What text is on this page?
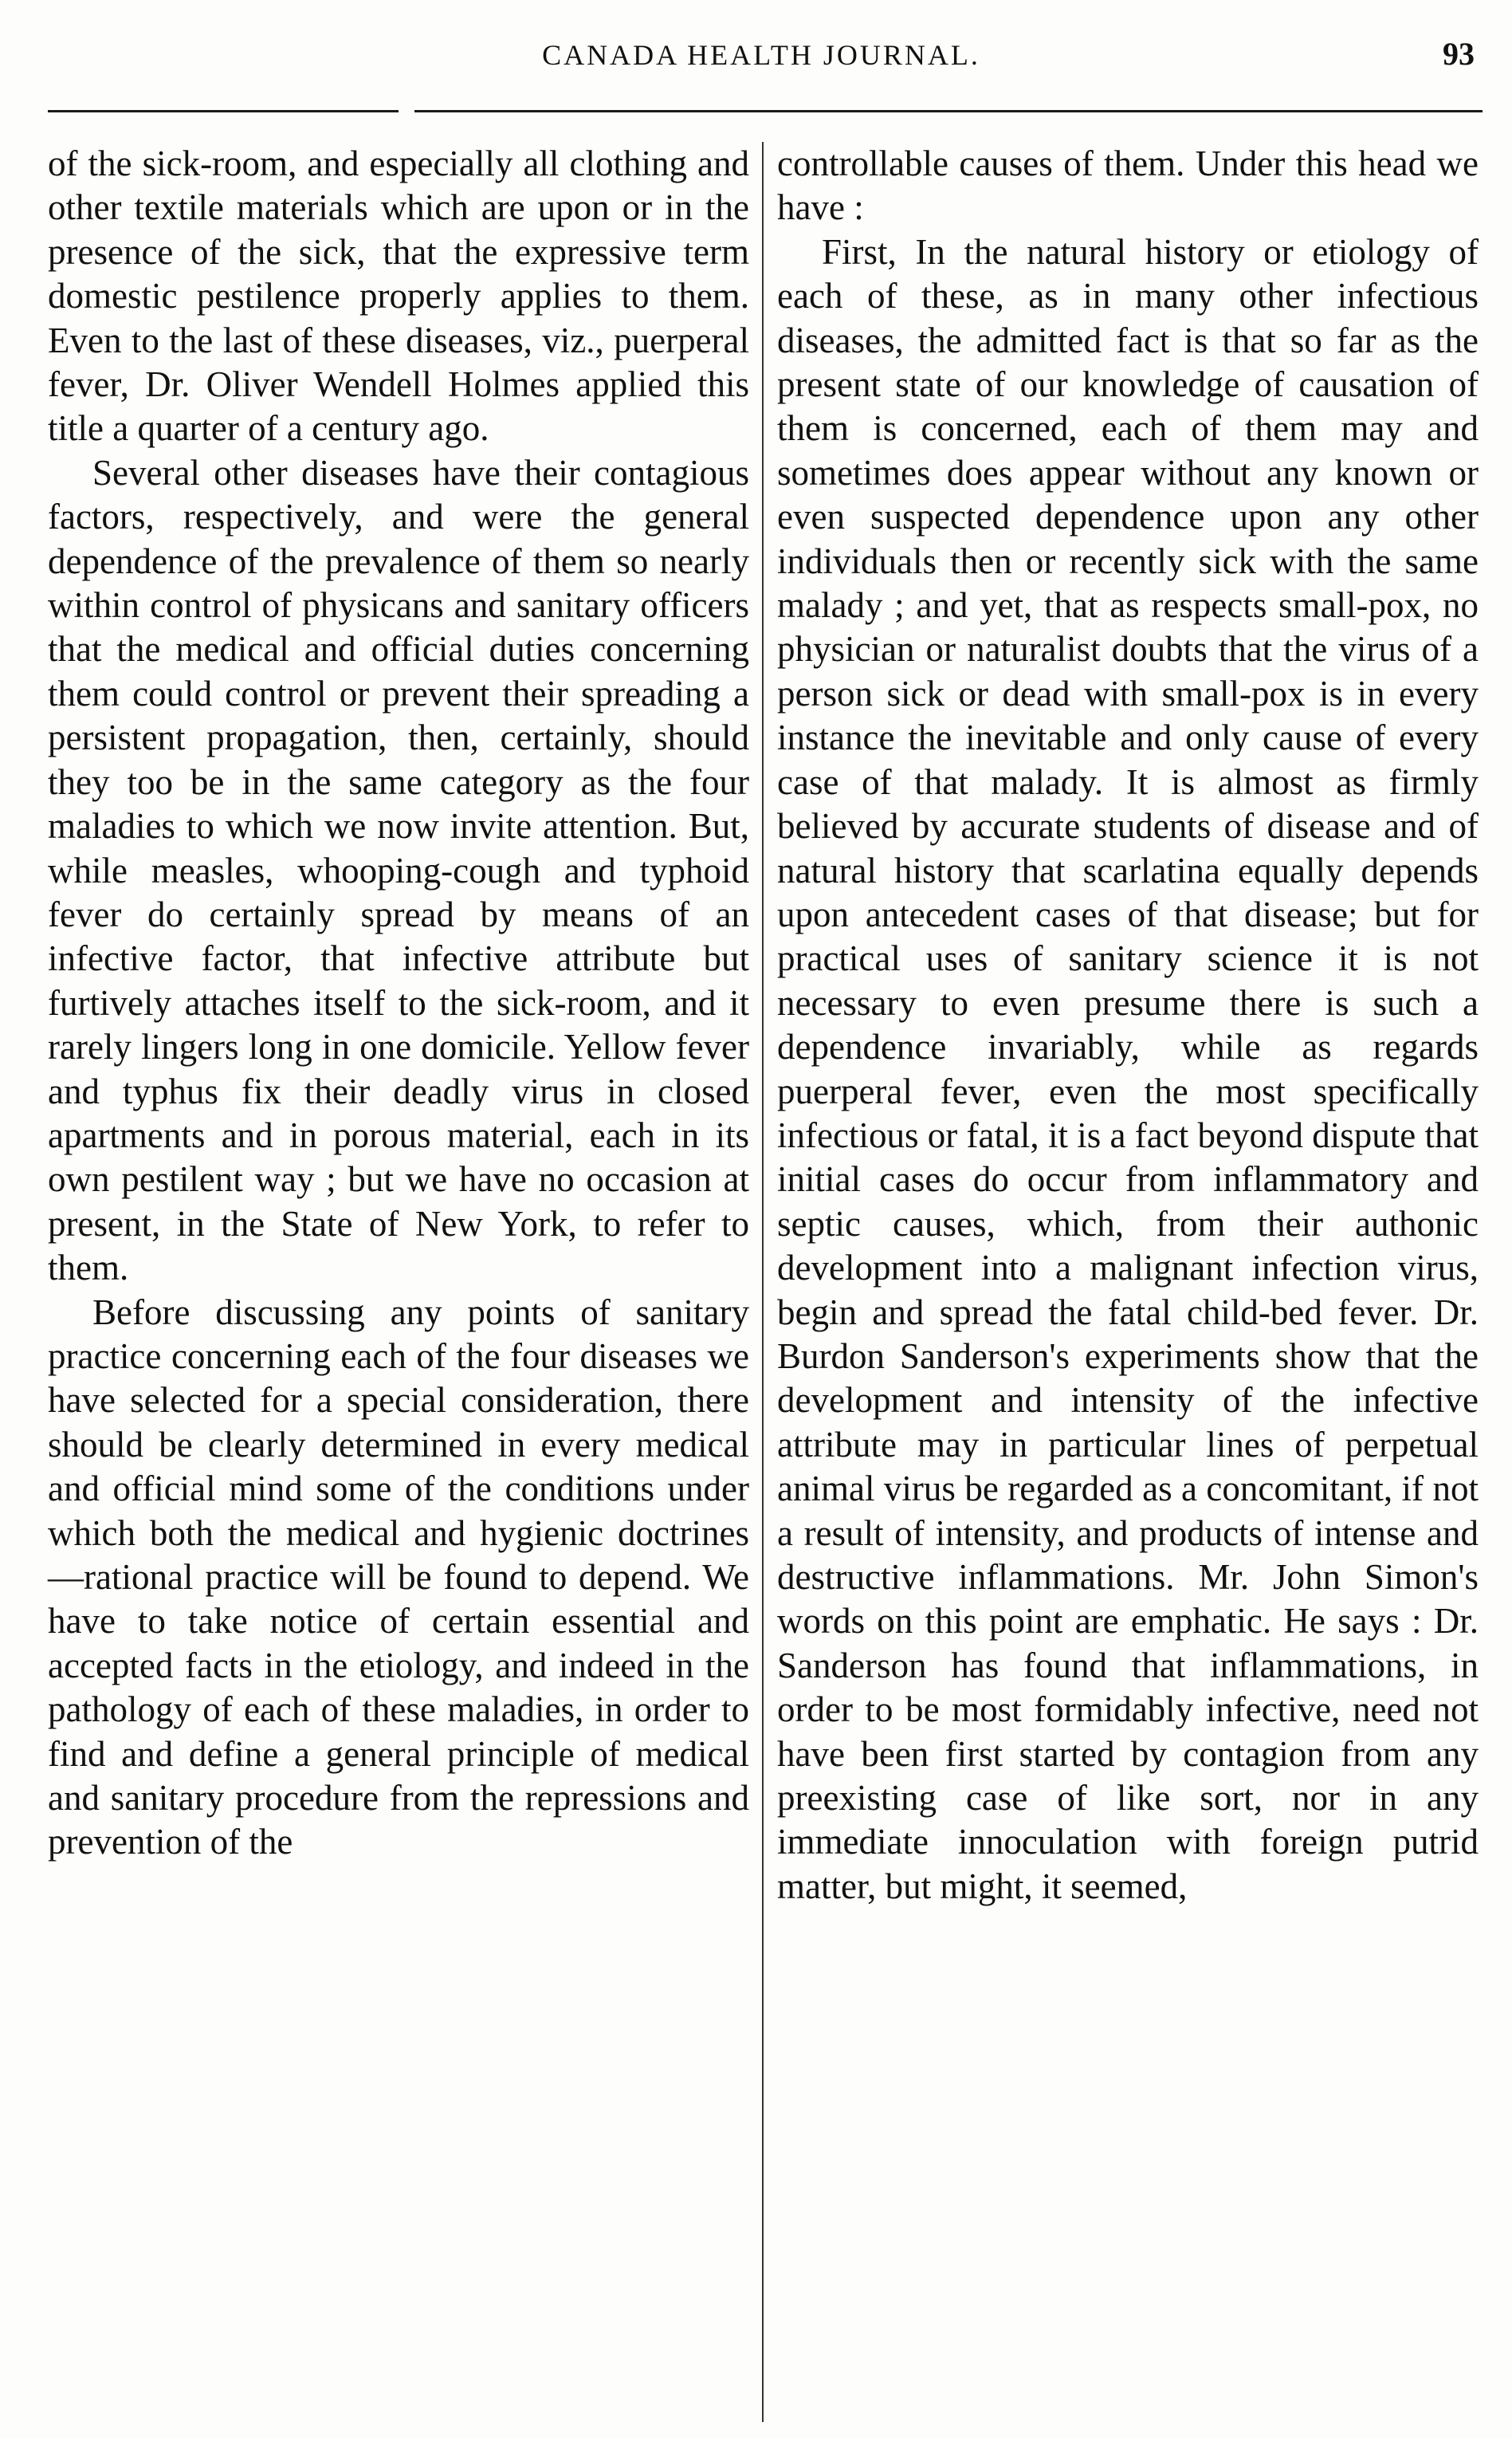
CANADA HEALTH JOURNAL.	93

of the sick-room, and especially all clothing and other textile materials which are upon or in the presence of the sick, that the expressive term domestic pestilence properly applies to them. Even to the last of these diseases, viz., puerperal fever, Dr. Oliver Wendell Holmes applied this title a quarter of a century ago.

Several other diseases have their contagious factors, respectively, and were the general dependence of the prevalence of them so nearly within control of physicans and sanitary officers that the medical and official duties concerning them could control or prevent their spreading a persistent propagation, then, certainly, should they too be in the same category as the four maladies to which we now invite attention. But, while measles, whooping-cough and typhoid fever do certainly spread by means of an infective factor, that infective attribute but furtively attaches itself to the sick-room, and it rarely lingers long in one domicile. Yellow fever and typhus fix their deadly virus in closed apartments and in porous material, each in its own pestilent way ; but we have no occasion at present, in the State of New York, to refer to them.

Before discussing any points of sanitary practice concerning each of the four diseases we have selected for a special consideration, there should be clearly determined in every medical and official mind some of the conditions under which both the medical and hygienic doctrines—rational practice will be found to depend. We have to take notice of certain essential and accepted facts in the etiology, and indeed in the pathology of each of these maladies, in order to find and define a general principle of medical and sanitary procedure from the repressions and prevention of the

controllable causes of them. Under this head we have :

First, In the natural history or etiology of each of these, as in many other infectious diseases, the admitted fact is that so far as the present state of our knowledge of causation of them is concerned, each of them may and sometimes does appear without any known or even suspected dependence upon any other individuals then or recently sick with the same malady ; and yet, that as respects small-pox, no physician or naturalist doubts that the virus of a person sick or dead with small-pox is in every instance the inevitable and only cause of every case of that malady. It is almost as firmly believed by accurate students of disease and of natural history that scarlatina equally depends upon antecedent cases of that disease; but for practical uses of sanitary science it is not necessary to even presume there is such a dependence invariably, while as regards puerperal fever, even the most specifically infectious or fatal, it is a fact beyond dispute that initial cases do occur from inflammatory and septic causes, which, from their authonic development into a malignant infection virus, begin and spread the fatal child-bed fever. Dr. Burdon Sanderson's experiments show that the development and intensity of the infective attribute may in particular lines of perpetual animal virus be regarded as a concomitant, if not a result of intensity, and products of intense and destructive inflammations. Mr. John Simon's words on this point are emphatic. He says : Dr. Sanderson has found that inflammations, in order to be most formidably infective, need not have been first started by contagion from any preexisting case of like sort, nor in any immediate innoculation with foreign putrid matter, but might, it seemed,
